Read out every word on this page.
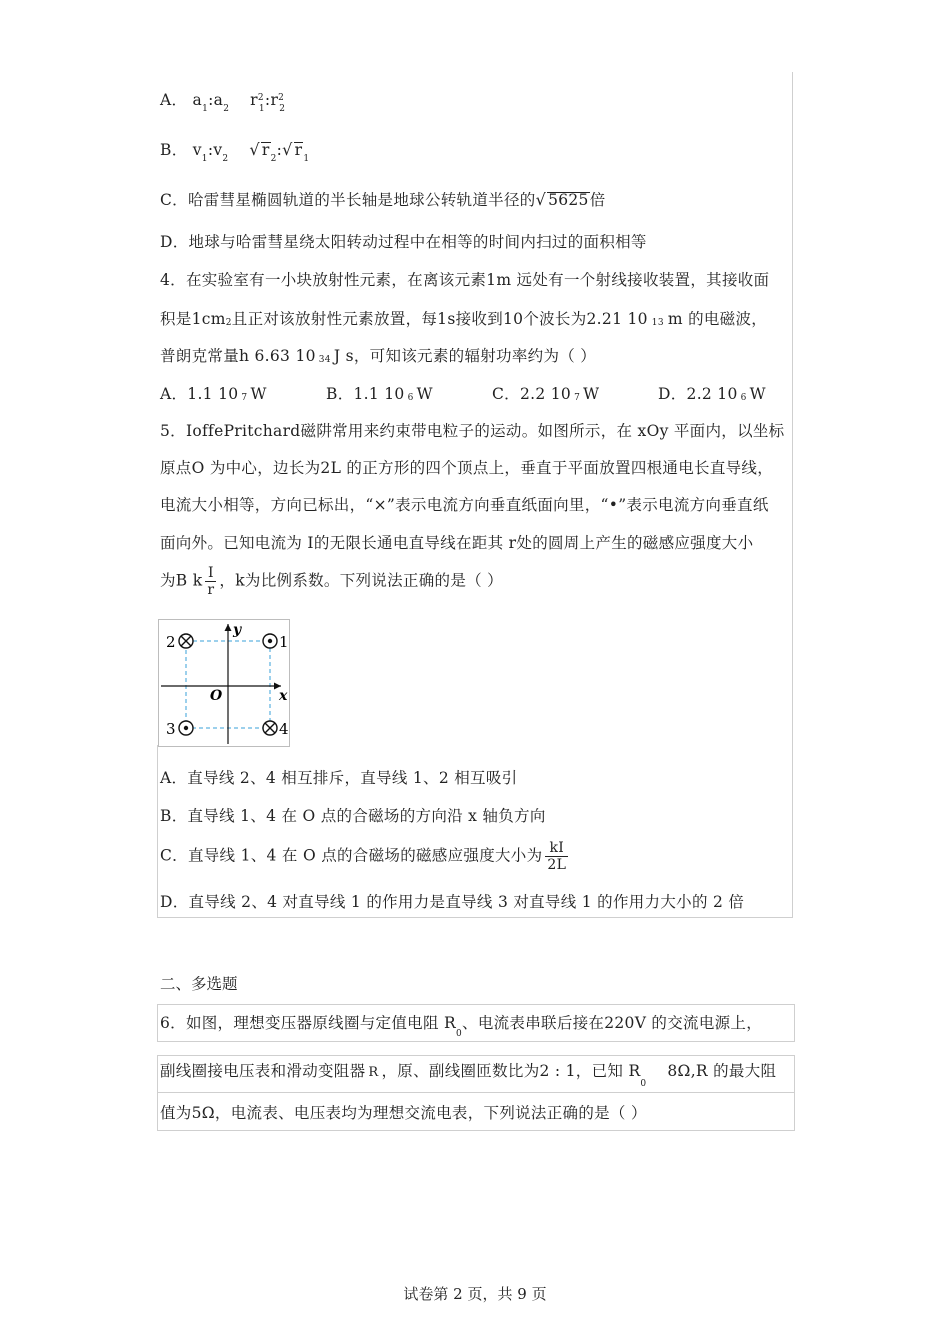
A． $a_1:a_2$ $r^2_1:r^2_2$
B． $v_1:v_2$ √ $r_2:√$ $r_1$
C．哈雷彗星椭圆轨道的半长轴是地球公转轨道半径的√ 5625倍
D．地球与哈雷彗星绕太阳转动过程中在相等的时间内扫过的面积相等
4．在实验室有一小块放射性元素，在离该元素1m 远处有一个射线接收装置，其接收面
积是$1cm_2$且正对该放射性元素放置，每1s接收到10个波长为2.21 10 $_{13}$ m 的电磁波，
普朗克常量h 6.63 10 $_{34}$ J s，可知该元素的辐射功率约为（ ）
A．1.1 10 $_7$ W	B．1.1 10 $_6$ W	C．2.2 10 $_7$ W	D．2.2 10 $_6$ W
5．IoffePritchard磁阱常用来约束带电粒子的运动。如图所示，在 xOy 平面内，以坐标
原点O 为中心，边长为2L 的正方形的四个顶点上，垂直于平面放置四根通电长直导线，
电流大小相等，方向已标出，“×”表示电流方向垂直纸面向里，“•”表示电流方向垂直纸
面向外。已知电流为 I的无限长通电直导线在距其 r处的圆周上产生的磁感应强度大小
为B k $\frac{I}{r}$ ，k为比例系数。下列说法正确的是（ ）
y
x
O
2	1
3	4
A．直导线 2、4 相互排斥，直导线 1、2 相互吸引
B．直导线 1、4 在 O 点的合磁场的方向沿 x 轴负方向
C．直导线 1、4 在 O 点的合磁场的磁感应强度大小为 $\frac{kI}{2L}$
D．直导线 2、4 对直导线 1 的作用力是直导线 3 对直导线 1 的作用力大小的 2 倍
二、多选题
6．如图，理想变压器原线圈与定值电阻 $R_0$、电流表串联后接在220V 的交流电源上，
副线圈接电压表和滑动变阻器 R ，原、副线圈匝数比为2 : 1，已知 $R_0$    8Ω,R 的最大阻
值为5Ω，电流表、电压表均为理想交流电表，下列说法正确的是（ ）
试卷第 2 页，共 9 页
